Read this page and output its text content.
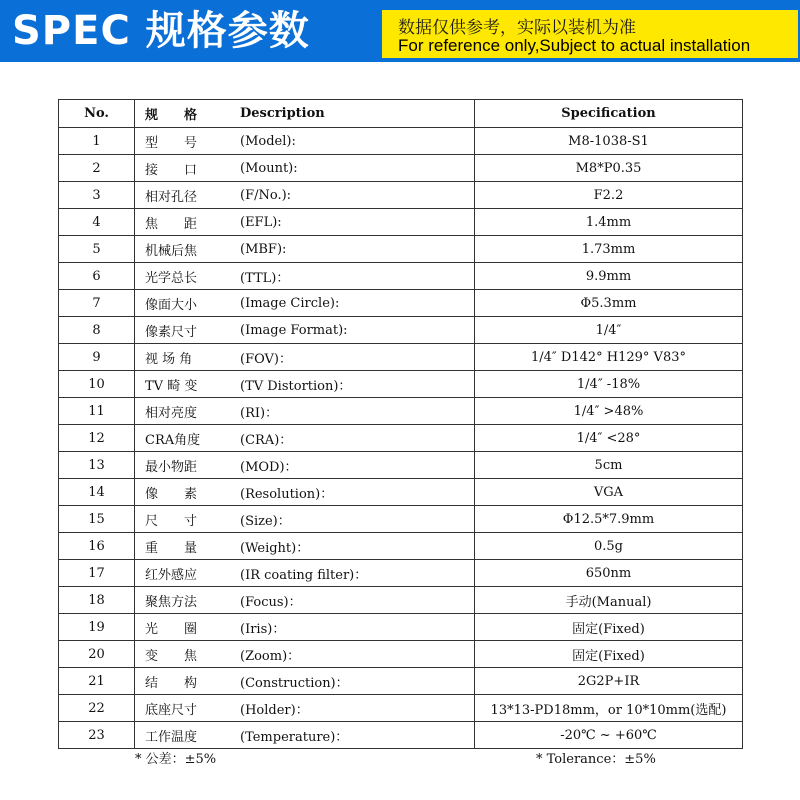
SPEC 规格参数	数据仅供参考，实际以装机为准
For reference only,Subject to actual installation
No.	规　　格	Description	Specification
1	型　　号	(Model):	M8-1038-S1
2	接　　口	(Mount):	M8*P0.35
3	相对孔径	(F/No.):	F2.2
4	焦　　距	(EFL):	1.4mm
5	机械后焦	(MBF):	1.73mm
6	光学总长	(TTL)：	9.9mm
7	像面大小	(Image Circle):	Φ5.3mm
8	像素尺寸	(Image Format):	1/4″
9	视 场 角	(FOV)：	1/4″ D142° H129° V83°
10	TV 畸 变	(TV Distortion)：	1/4″ -18%
11	相对亮度	(RI)：	1/4″ >48%
12	CRA角度	(CRA)：	1/4″ <28°
13	最小物距	(MOD)：	5cm
14	像　　素	(Resolution)：	VGA
15	尺　　寸	(Size)：	Φ12.5*7.9mm
16	重　　量	(Weight)：	0.5g
17	红外感应	(IR coating filter)：	650nm
18	聚焦方法	(Focus)：	手动(Manual)
19	光　　圈	(Iris)：	固定(Fixed)
20	变　　焦	(Zoom)：	固定(Fixed)
21	结　　构	(Construction)：	2G2P+IR
22	底座尺寸	(Holder)：	13*13-PD18mm，or 10*10mm(选配)
23	工作温度	(Temperature)：	-20℃ ~ +60℃
* 公差：±5%	* Tolerance：±5%
